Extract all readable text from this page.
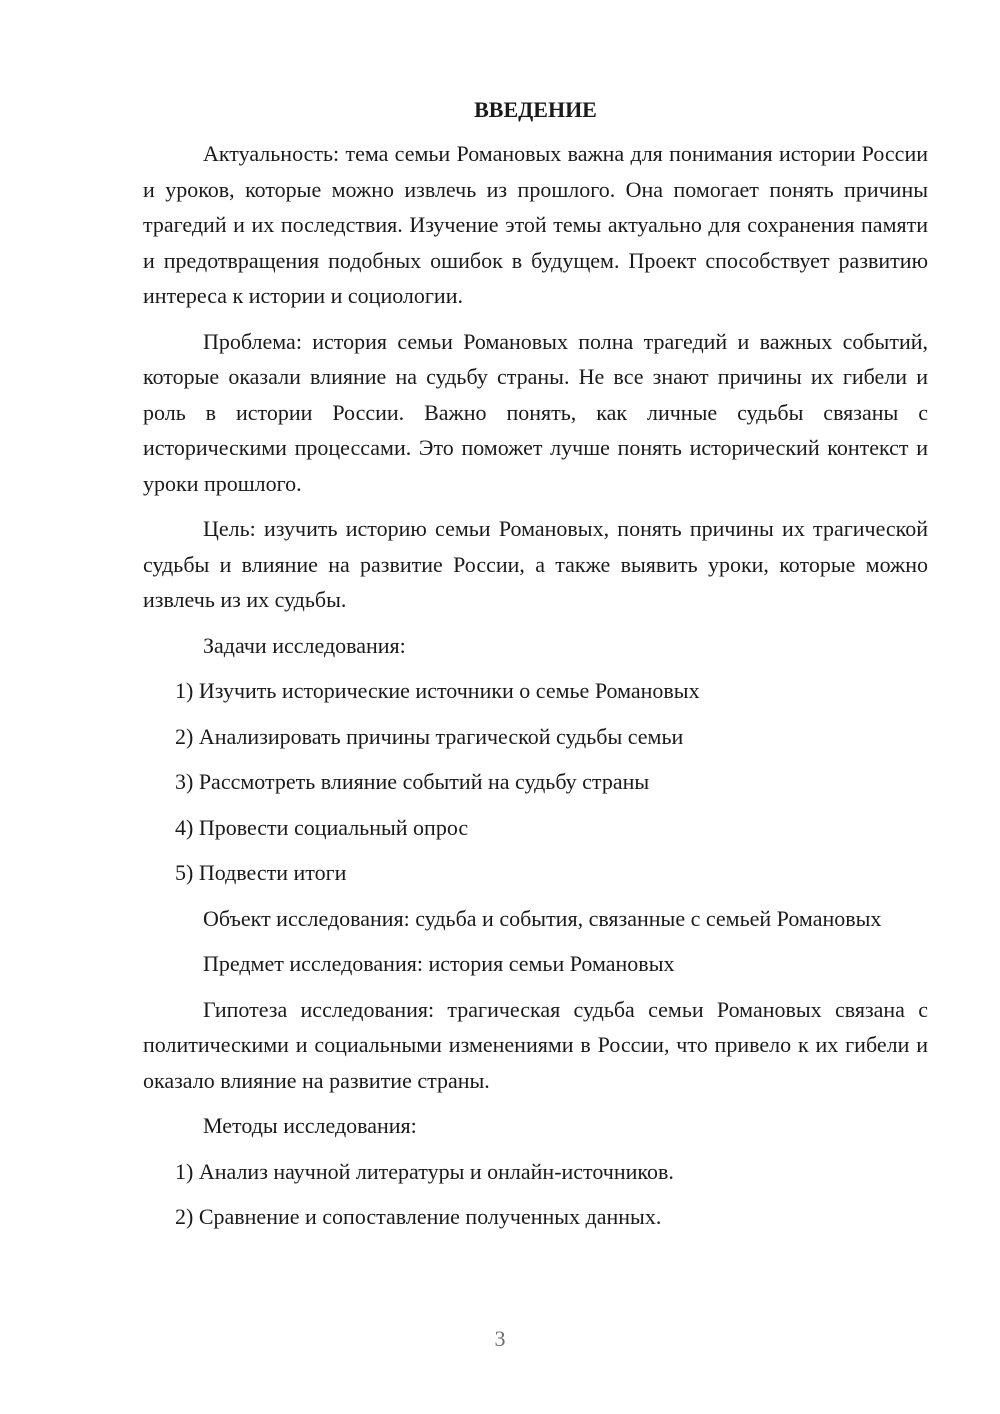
ВВЕДЕНИЕ

Актуальность: тема семьи Романовых важна для понимания истории России и уроков, которые можно извлечь из прошлого. Она помогает понять причины трагедий и их последствия. Изучение этой темы актуально для сохранения памяти и предотвращения подобных ошибок в будущем. Проект способствует развитию интереса к истории и социологии.

Проблема: история семьи Романовых полна трагедий и важных событий, которые оказали влияние на судьбу страны. Не все знают причины их гибели и роль в истории России. Важно понять, как личные судьбы связаны с историческими процессами. Это поможет лучше понять исторический контекст и уроки прошлого.

Цель: изучить историю семьи Романовых, понять причины их трагической судьбы и влияние на развитие России, а также выявить уроки, которые можно извлечь из их судьбы.

Задачи исследования:

1) Изучить исторические источники о семье Романовых

2) Анализировать причины трагической судьбы семьи

3) Рассмотреть влияние событий на судьбу страны

4) Провести социальный опрос

5) Подвести итоги

Объект исследования: судьба и события, связанные с семьей Романовых

Предмет исследования: история семьи Романовых

Гипотеза исследования: трагическая судьба семьи Романовых связана с политическими и социальными изменениями в России, что привело к их гибели и оказало влияние на развитие страны.

Методы исследования:

1) Анализ научной литературы и онлайн-источников.

2) Сравнение и сопоставление полученных данных.

3
